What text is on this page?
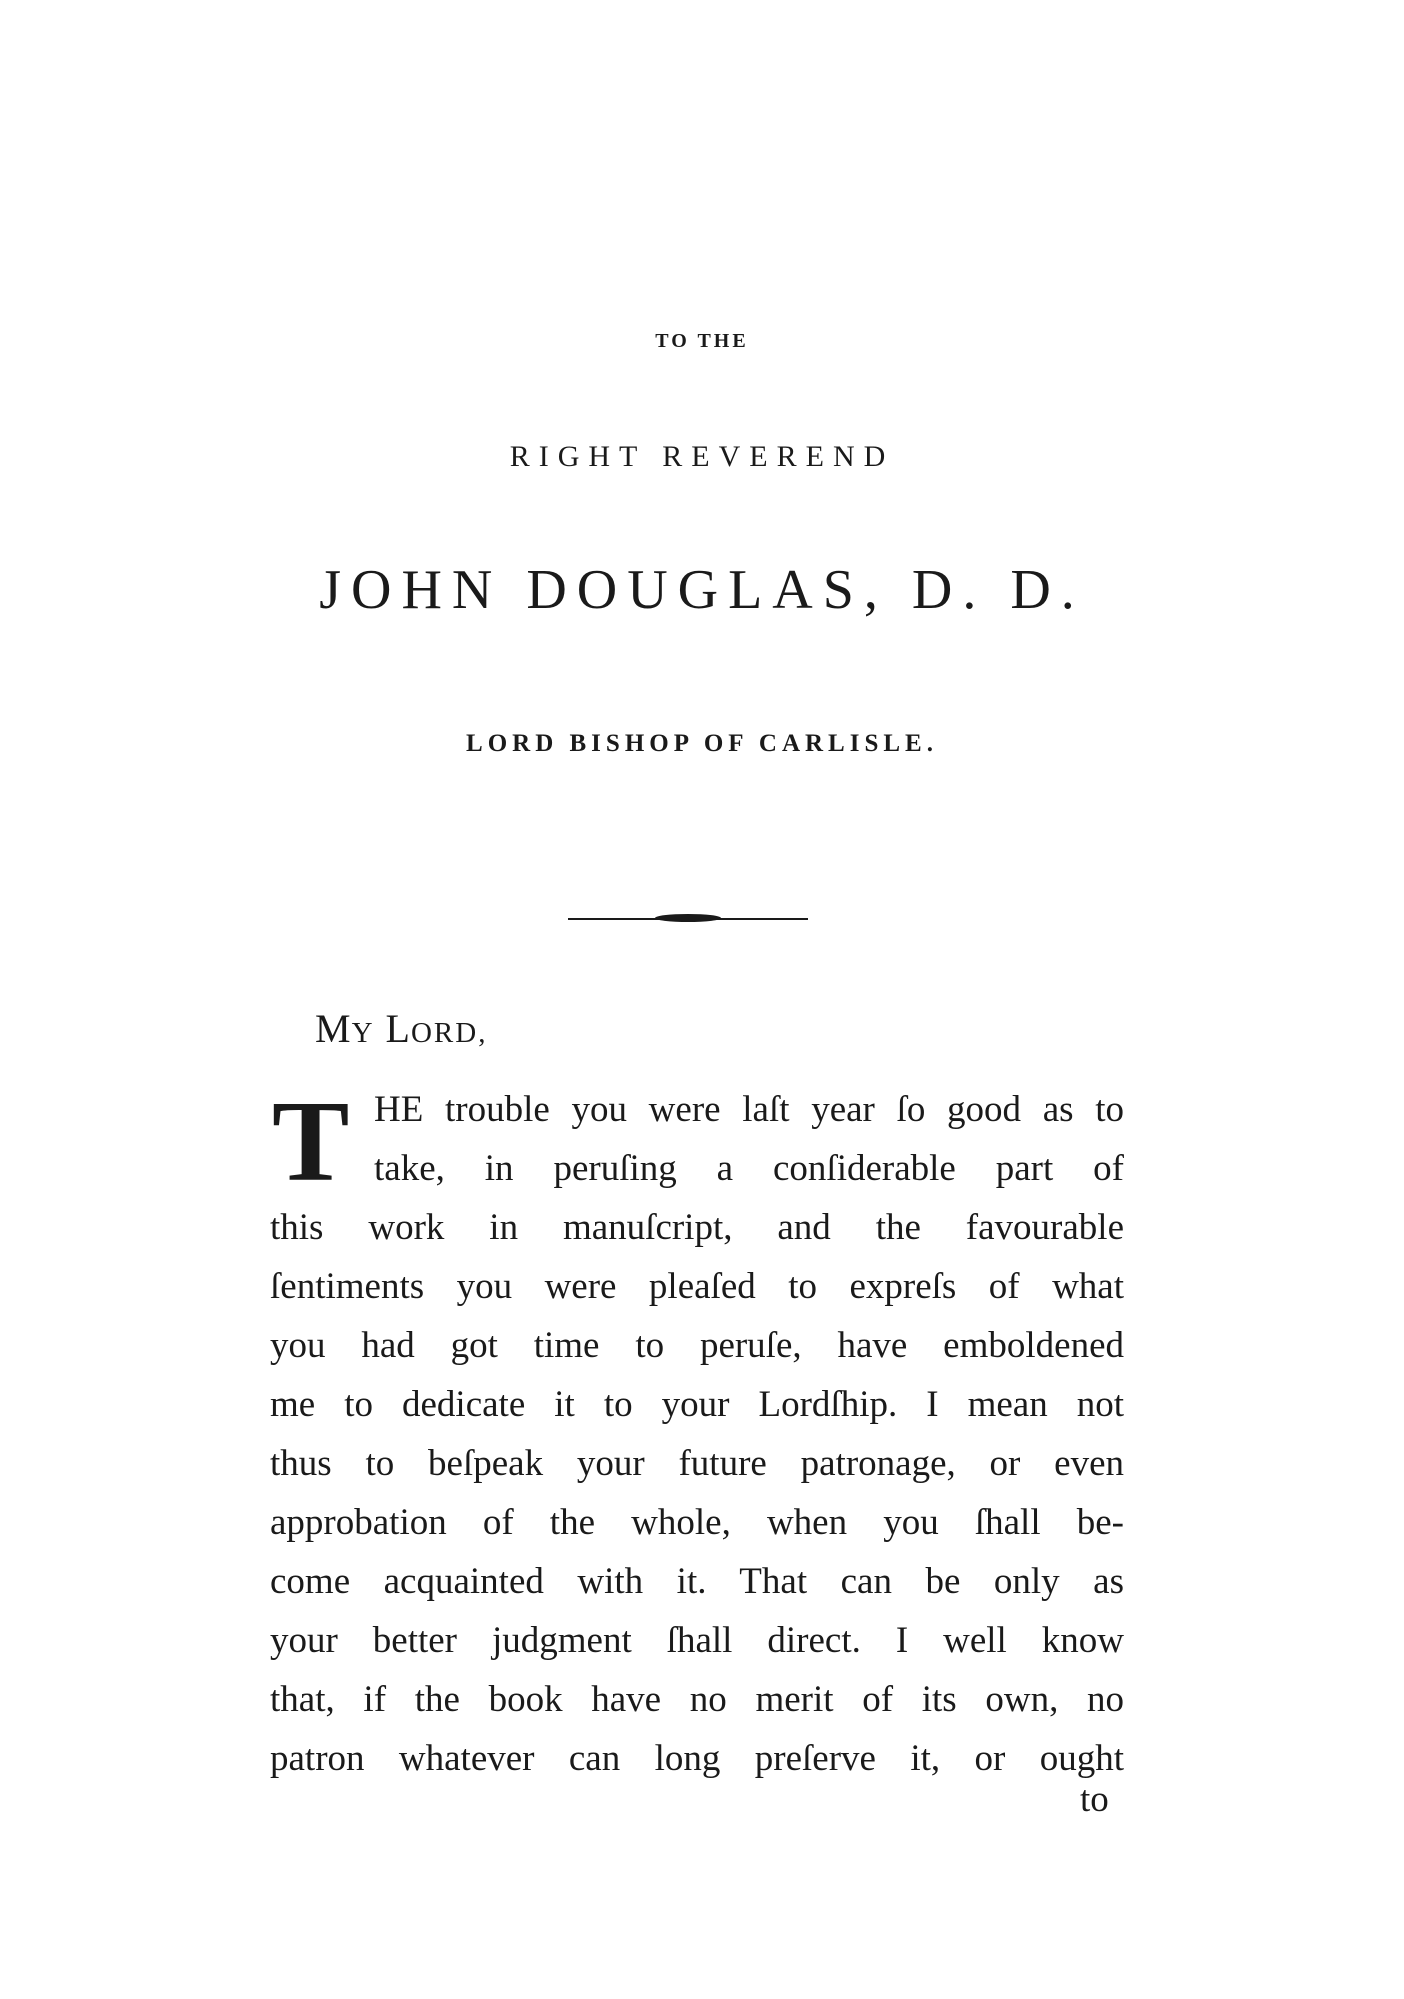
TO THE
RIGHT REVEREND
JOHN DOUGLAS, D. D.
LORD BISHOP OF CARLISLE.
MY LORD,
T HE trouble you were laſt year ſo good as to
take, in peruſing a conſiderable part of
this work in manuſcript, and the favourable
ſentiments you were pleaſed to expreſs of what
you had got time to peruſe, have emboldened
me to dedicate it to your Lordſhip. I mean not
thus to beſpeak your future patronage, or even
approbation of the whole, when you ſhall be-
come acquainted with it. That can be only as
your better judgment ſhall direct. I well know
that, if the book have no merit of its own, no
patron whatever can long preſerve it, or ought
to
